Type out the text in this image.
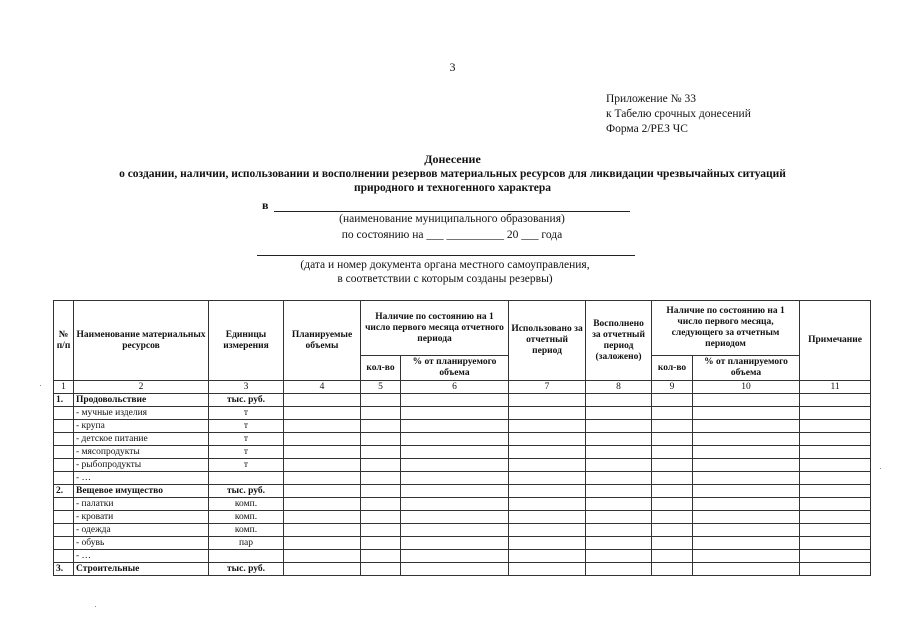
3
Приложение № 33
к Табелю срочных донесений
Форма 2/РЕЗ ЧС
Донесение
о создании, наличии, использовании и восполнении резервов материальных ресурсов для ликвидации чрезвычайных ситуаций
природного и техногенного характера
в
(наименование муниципального образования)
по состоянию на ___ __________ 20 ___ года
(дата и номер документа органа местного самоуправления,
в соответствии с которым созданы резервы)
№ п/п	Наименование материальных ресурсов	Единицы измерения	Планируемые объемы	Наличие по состоянию на 1 число первого месяца отчетного периода		Использовано за отчетный период	Восполнено за отчетный период (заложено)	Наличие по состоянию на 1 число первого месяца, следующего за отчетным периодом		Примечание
				кол-во	% от планируемого объема			кол-во	% от планируемого объема	
1	2	3	4	5	6	7	8	9	10	11
1.	Продовольствие	тыс. руб.								
	- мучные изделия	т								
	- крупа	т								
	- детское питание	т								
	- мясопродукты	т								
	- рыбопродукты	т								
	- …									
2.	Вещевое имущество	тыс. руб.								
	- палатки	комп.								
	- кровати	комп.								
	- одежда	комп.								
	- обувь	пар								
	- …									
3.	Строительные	тыс. руб.								
